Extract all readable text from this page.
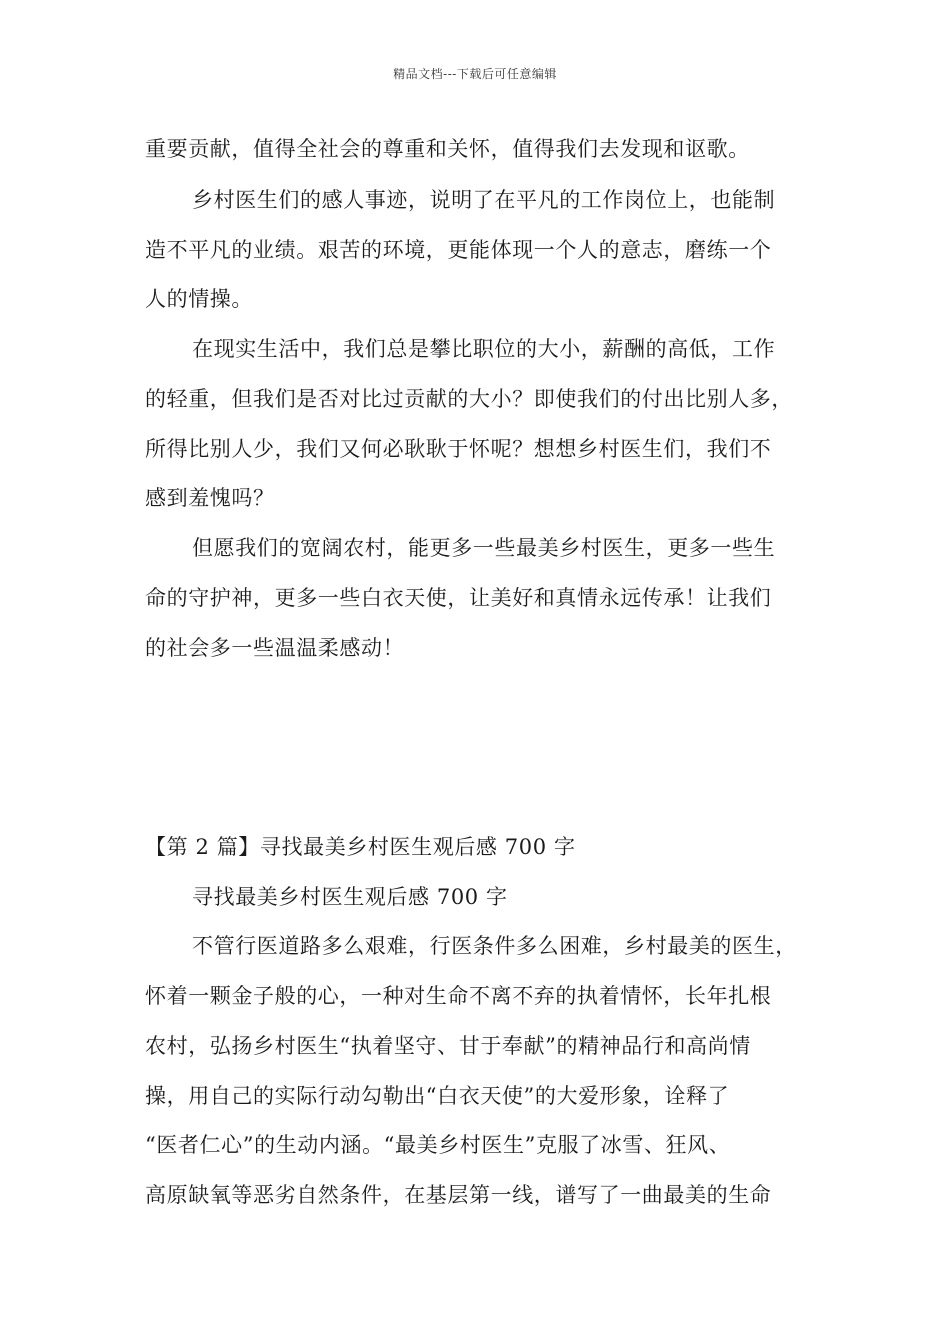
精品文档---下载后可任意编辑
重要贡献，值得全社会的尊重和关怀，值得我们去发现和讴歌。
乡村医生们的感人事迹，说明了在平凡的工作岗位上，也能制
造不平凡的业绩。艰苦的环境，更能体现一个人的意志，磨练一个
人的情操。
在现实生活中，我们总是攀比职位的大小，薪酬的高低，工作
的轻重，但我们是否对比过贡献的大小？即使我们的付出比别人多，
所得比别人少，我们又何必耿耿于怀呢？想想乡村医生们，我们不
感到羞愧吗？
但愿我们的宽阔农村，能更多一些最美乡村医生，更多一些生
命的守护神，更多一些白衣天使，让美好和真情永远传承！让我们
的社会多一些温温柔感动！
【第 2 篇】寻找最美乡村医生观后感 700 字
寻找最美乡村医生观后感 700 字
不管行医道路多么艰难，行医条件多么困难，乡村最美的医生，
怀着一颗金子般的心，一种对生命不离不弃的执着情怀，长年扎根
农村，弘扬乡村医生“执着坚守、甘于奉献”的精神品行和高尚情
操，用自己的实际行动勾勒出“白衣天使”的大爱形象，诠释了
“医者仁心”的生动内涵。“最美乡村医生”克服了冰雪、狂风、
高原缺氧等恶劣自然条件，在基层第一线，谱写了一曲最美的生命
